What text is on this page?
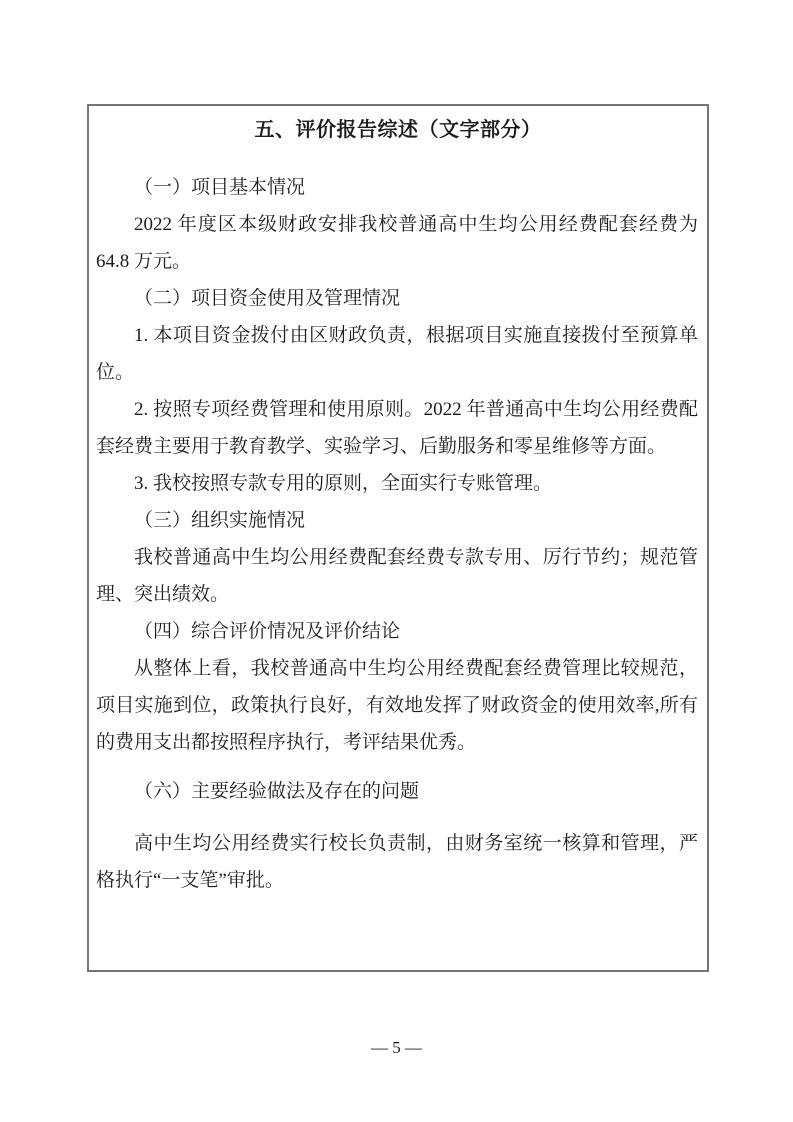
五、评价报告综述（文字部分）

（一）项目基本情况

2022 年度区本级财政安排我校普通高中生均公用经费配套经费为 64.8 万元。

（二）项目资金使用及管理情况

1. 本项目资金拨付由区财政负责，根据项目实施直接拨付至预算单位。

2. 按照专项经费管理和使用原则。2022 年普通高中生均公用经费配套经费主要用于教育教学、实验学习、后勤服务和零星维修等方面。

3. 我校按照专款专用的原则，全面实行专账管理。

（三）组织实施情况

我校普通高中生均公用经费配套经费专款专用、厉行节约；规范管理、突出绩效。

（四）综合评价情况及评价结论

从整体上看，我校普通高中生均公用经费配套经费管理比较规范，项目实施到位，政策执行良好，有效地发挥了财政资金的使用效率,所有的费用支出都按照程序执行，考评结果优秀。

（六）主要经验做法及存在的问题

高中生均公用经费实行校长负责制，由财务室统一核算和管理，严格执行“一支笔”审批。

— 5 —
